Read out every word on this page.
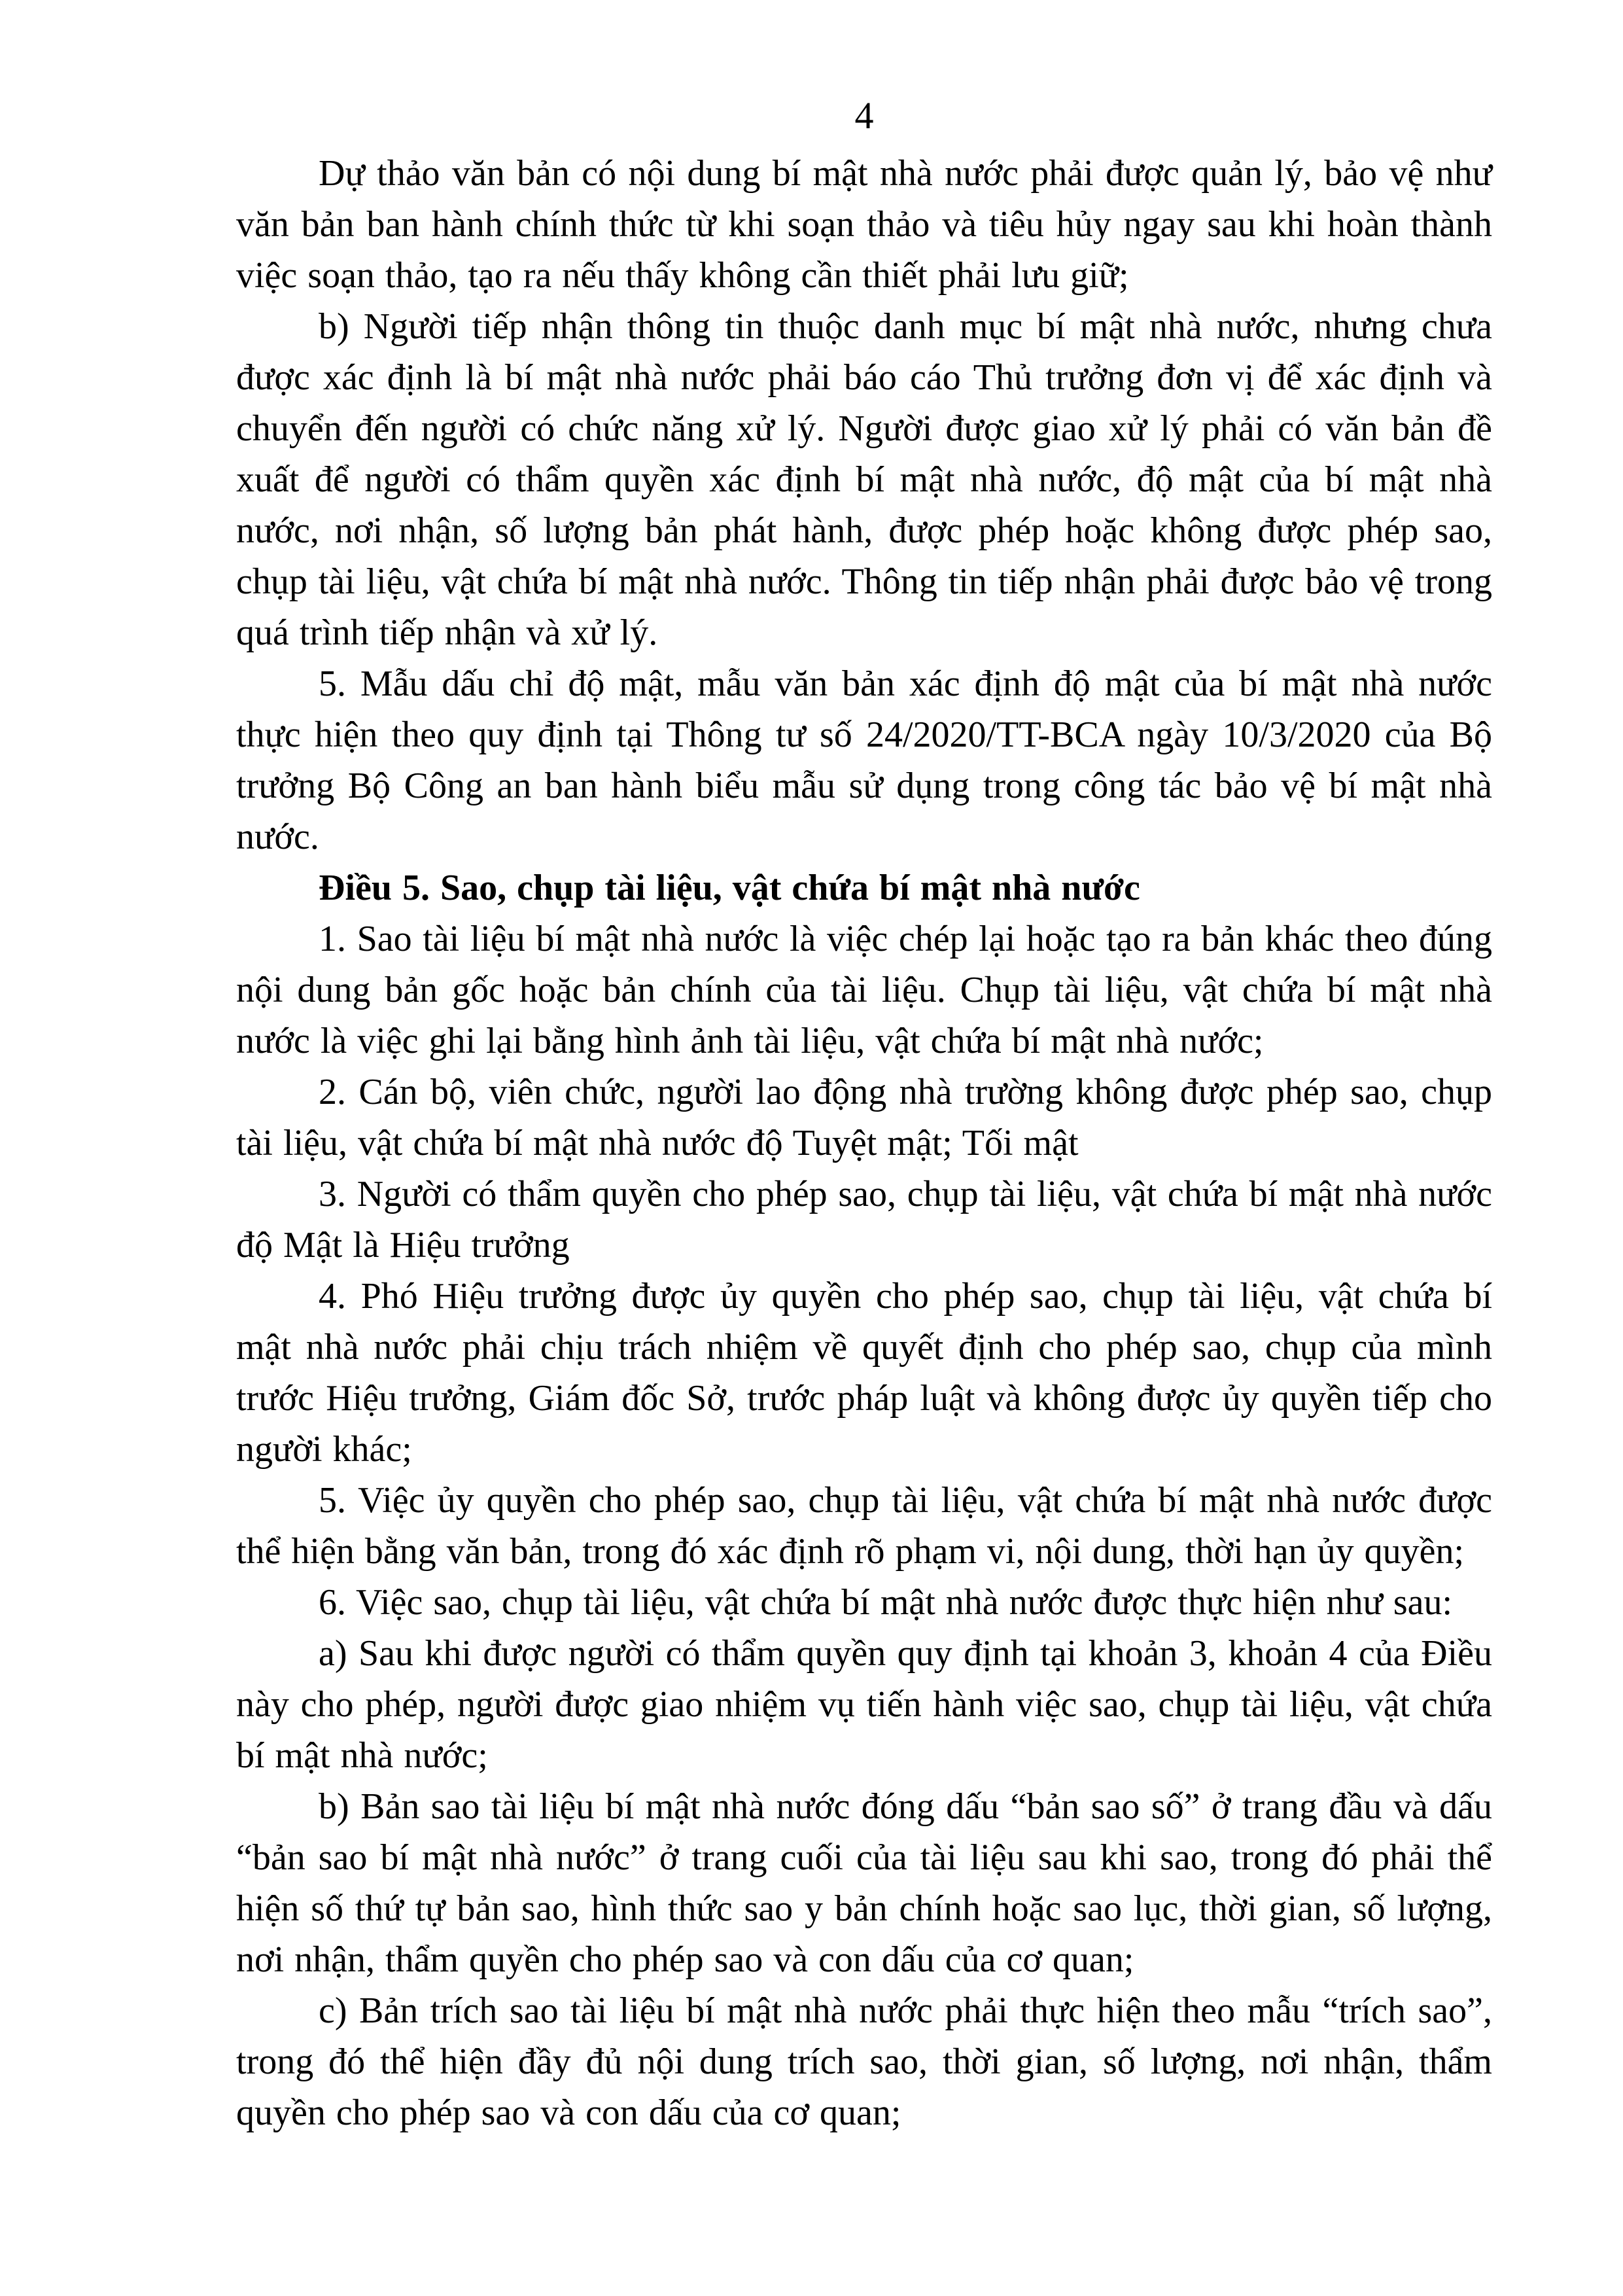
4

Dự thảo văn bản có nội dung bí mật nhà nước phải được quản lý, bảo vệ như văn bản ban hành chính thức từ khi soạn thảo và tiêu hủy ngay sau khi hoàn thành việc soạn thảo, tạo ra nếu thấy không cần thiết phải lưu giữ;

b) Người tiếp nhận thông tin thuộc danh mục bí mật nhà nước, nhưng chưa được xác định là bí mật nhà nước phải báo cáo Thủ trưởng đơn vị để xác định và chuyển đến người có chức năng xử lý. Người được giao xử lý phải có văn bản đề xuất để người có thẩm quyền xác định bí mật nhà nước, độ mật của bí mật nhà nước, nơi nhận, số lượng bản phát hành, được phép hoặc không được phép sao, chụp tài liệu, vật chứa bí mật nhà nước. Thông tin tiếp nhận phải được bảo vệ trong quá trình tiếp nhận và xử lý.

5. Mẫu dấu chỉ độ mật, mẫu văn bản xác định độ mật của bí mật nhà nước thực hiện theo quy định tại Thông tư số 24/2020/TT-BCA ngày 10/3/2020 của Bộ trưởng Bộ Công an ban hành biểu mẫu sử dụng trong công tác bảo vệ bí mật nhà nước.

Điều 5. Sao, chụp tài liệu, vật chứa bí mật nhà nước

1. Sao tài liệu bí mật nhà nước là việc chép lại hoặc tạo ra bản khác theo đúng nội dung bản gốc hoặc bản chính của tài liệu. Chụp tài liệu, vật chứa bí mật nhà nước là việc ghi lại bằng hình ảnh tài liệu, vật chứa bí mật nhà nước;

2. Cán bộ, viên chức, người lao động nhà trường không được phép sao, chụp tài liệu, vật chứa bí mật nhà nước độ Tuyệt mật; Tối mật

3. Người có thẩm quyền cho phép sao, chụp tài liệu, vật chứa bí mật nhà nước độ Mật là Hiệu trưởng

4. Phó Hiệu trưởng được ủy quyền cho phép sao, chụp tài liệu, vật chứa bí mật nhà nước phải chịu trách nhiệm về quyết định cho phép sao, chụp của mình trước Hiệu trưởng, Giám đốc Sở, trước pháp luật và không được ủy quyền tiếp cho người khác;

5. Việc ủy quyền cho phép sao, chụp tài liệu, vật chứa bí mật nhà nước được thể hiện bằng văn bản, trong đó xác định rõ phạm vi, nội dung, thời hạn ủy quyền;

6. Việc sao, chụp tài liệu, vật chứa bí mật nhà nước được thực hiện như sau:

a) Sau khi được người có thẩm quyền quy định tại khoản 3, khoản 4 của Điều này cho phép, người được giao nhiệm vụ tiến hành việc sao, chụp tài liệu, vật chứa bí mật nhà nước;

b) Bản sao tài liệu bí mật nhà nước đóng dấu “bản sao số” ở trang đầu và dấu “bản sao bí mật nhà nước” ở trang cuối của tài liệu sau khi sao, trong đó phải thể hiện số thứ tự bản sao, hình thức sao y bản chính hoặc sao lục, thời gian, số lượng, nơi nhận, thẩm quyền cho phép sao và con dấu của cơ quan;

c) Bản trích sao tài liệu bí mật nhà nước phải thực hiện theo mẫu “trích sao”, trong đó thể hiện đầy đủ nội dung trích sao, thời gian, số lượng, nơi nhận, thẩm quyền cho phép sao và con dấu của cơ quan;
